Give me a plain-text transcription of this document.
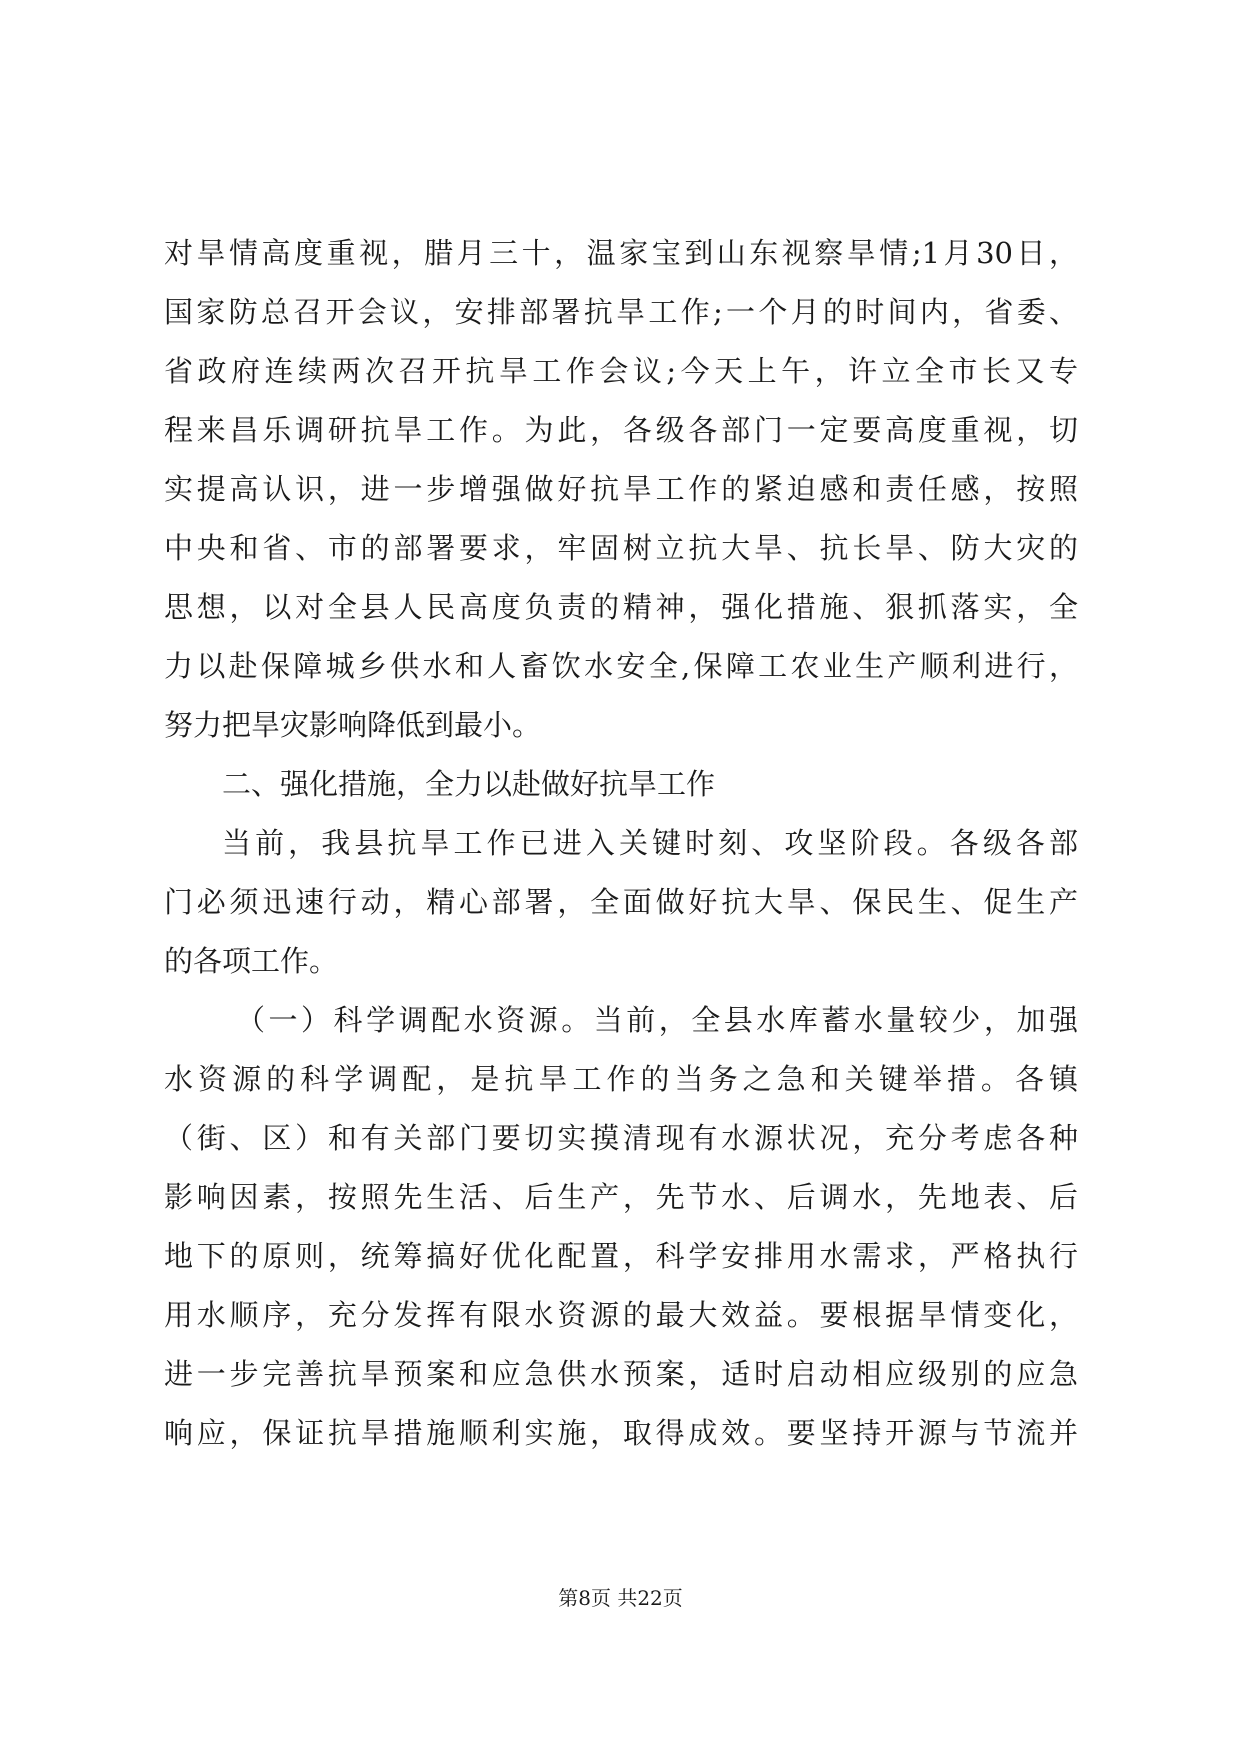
对旱情高度重视，腊月三十，温家宝到山东视察旱情;1月30日，
国家防总召开会议，安排部署抗旱工作;一个月的时间内，省委、
省政府连续两次召开抗旱工作会议;今天上午，许立全市长又专
程来昌乐调研抗旱工作。为此，各级各部门一定要高度重视，切
实提高认识，进一步增强做好抗旱工作的紧迫感和责任感，按照
中央和省、市的部署要求，牢固树立抗大旱、抗长旱、防大灾的
思想，以对全县人民高度负责的精神，强化措施、狠抓落实，全
力以赴保障城乡供水和人畜饮水安全,保障工农业生产顺利进行，
努力把旱灾影响降低到最小。
二、强化措施，全力以赴做好抗旱工作
当前，我县抗旱工作已进入关键时刻、攻坚阶段。各级各部
门必须迅速行动，精心部署，全面做好抗大旱、保民生、促生产
的各项工作。
（一）科学调配水资源。当前，全县水库蓄水量较少，加强
水资源的科学调配，是抗旱工作的当务之急和关键举措。各镇
（街、区）和有关部门要切实摸清现有水源状况，充分考虑各种
影响因素，按照先生活、后生产，先节水、后调水，先地表、后
地下的原则，统筹搞好优化配置，科学安排用水需求，严格执行
用水顺序，充分发挥有限水资源的最大效益。要根据旱情变化，
进一步完善抗旱预案和应急供水预案，适时启动相应级别的应急
响应，保证抗旱措施顺利实施，取得成效。要坚持开源与节流并
第8页 共22页
